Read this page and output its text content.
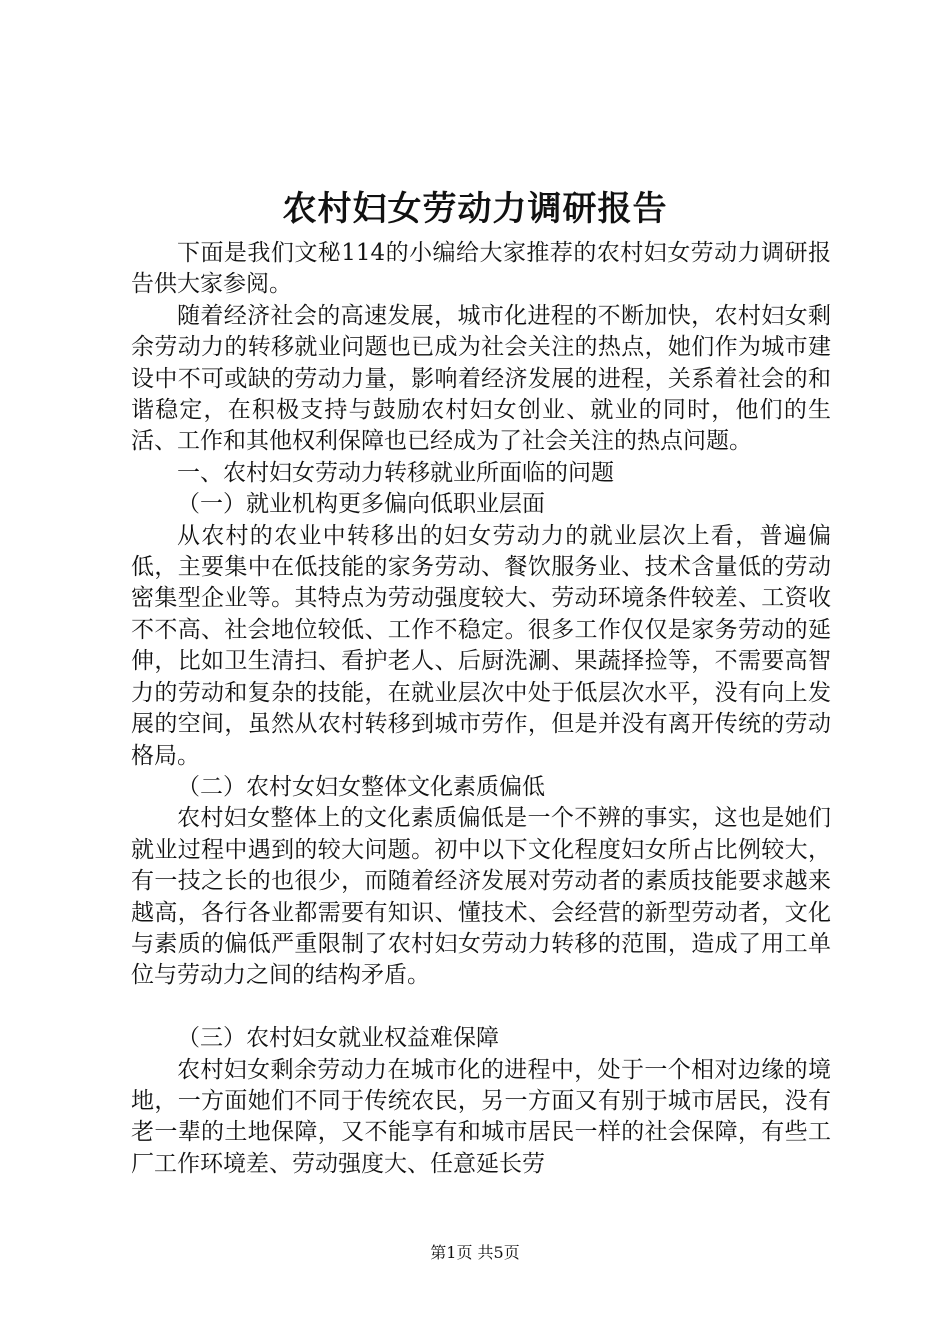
农村妇女劳动力调研报告

下面是我们文秘114的小编给大家推荐的农村妇女劳动力调研报告供大家参阅。

随着经济社会的高速发展，城市化进程的不断加快，农村妇女剩余劳动力的转移就业问题也已成为社会关注的热点，她们作为城市建设中不可或缺的劳动力量，影响着经济发展的进程，关系着社会的和谐稳定，在积极支持与鼓励农村妇女创业、就业的同时，他们的生活、工作和其他权利保障也已经成为了社会关注的热点问题。

一、农村妇女劳动力转移就业所面临的问题

（一）就业机构更多偏向低职业层面

从农村的农业中转移出的妇女劳动力的就业层次上看，普遍偏低，主要集中在低技能的家务劳动、餐饮服务业、技术含量低的劳动密集型企业等。其特点为劳动强度较大、劳动环境条件较差、工资收不不高、社会地位较低、工作不稳定。很多工作仅仅是家务劳动的延伸，比如卫生清扫、看护老人、后厨洗涮、果蔬择捡等，不需要高智力的劳动和复杂的技能，在就业层次中处于低层次水平，没有向上发展的空间，虽然从农村转移到城市劳作，但是并没有离开传统的劳动格局。

（二）农村女妇女整体文化素质偏低

农村妇女整体上的文化素质偏低是一个不辨的事实，这也是她们就业过程中遇到的较大问题。初中以下文化程度妇女所占比例较大，有一技之长的也很少，而随着经济发展对劳动者的素质技能要求越来越高，各行各业都需要有知识、懂技术、会经营的新型劳动者，文化与素质的偏低严重限制了农村妇女劳动力转移的范围，造成了用工单位与劳动力之间的结构矛盾。

（三）农村妇女就业权益难保障

农村妇女剩余劳动力在城市化的进程中，处于一个相对边缘的境地，一方面她们不同于传统农民，另一方面又有别于城市居民，没有老一辈的土地保障，又不能享有和城市居民一样的社会保障，有些工厂工作环境差、劳动强度大、任意延长劳

第1页 共5页
